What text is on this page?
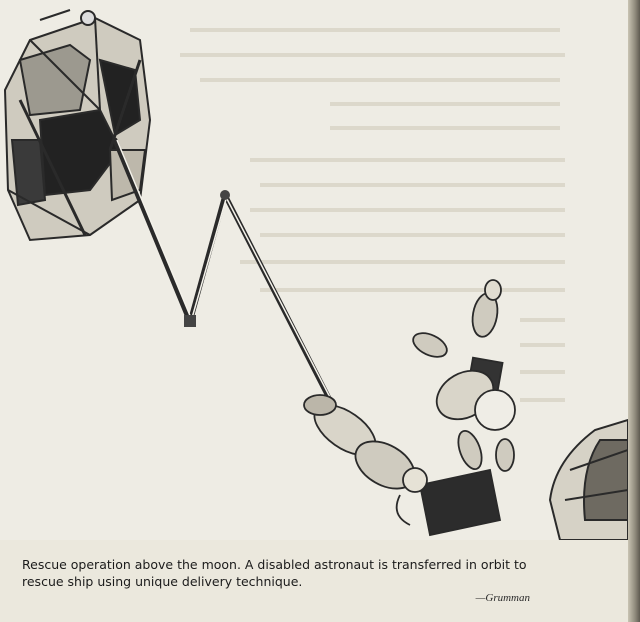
Rescue operation above the moon. A disabled astronaut is transferred in orbit to rescue ship using unique delivery technique.
—Grumman
